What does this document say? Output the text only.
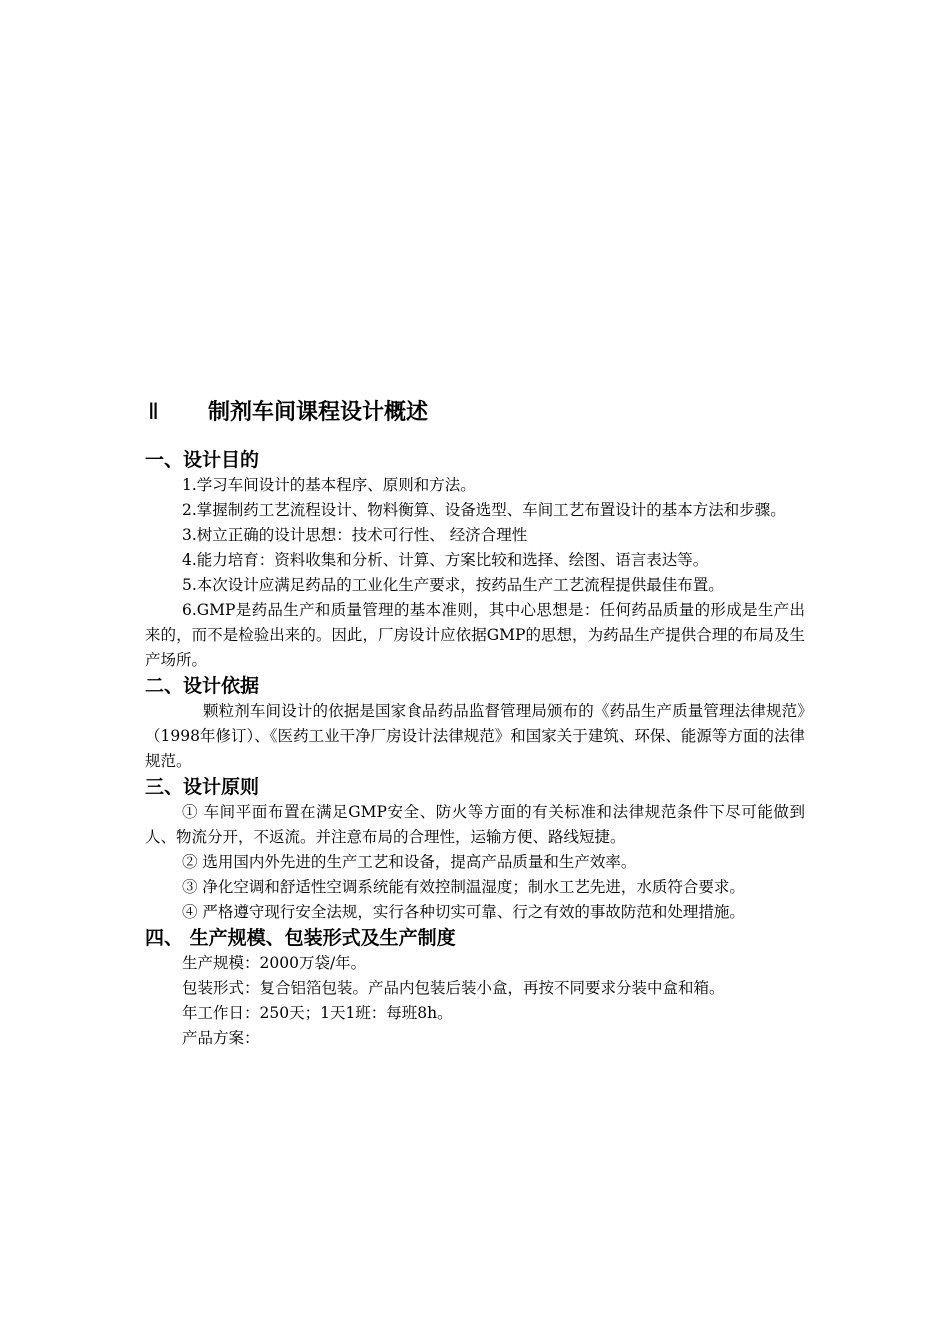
Ⅱ	制剂车间课程设计概述
一、设计目的

1.学习车间设计的基本程序、原则和方法。

2.掌握制药工艺流程设计、物料衡算、设备选型、车间工艺布置设计的基本方法和步骤。

3.树立正确的设计思想：技术可行性、 经济合理性

4.能力培育：资料收集和分析、计算、方案比较和选择、绘图、语言表达等。

5.本次设计应满足药品的工业化生产要求，按药品生产工艺流程提供最佳布置。

6.GMP是药品生产和质量管理的基本准则，其中心思想是：任何药品质量的形成是生产出来的，而不是检验出来的。因此，厂房设计应依据GMP的思想，为药品生产提供合理的布局及生产场所。

二、设计依据

颗粒剂车间设计的依据是国家食品药品监督管理局颁布的《药品生产质量管理法律规范》（1998年修订）、《医药工业干净厂房设计法律规范》和国家关于建筑、环保、能源等方面的法律规范。

三、设计原则

① 车间平面布置在满足GMP安全、防火等方面的有关标准和法律规范条件下尽可能做到人、物流分开，不返流。并注意布局的合理性，运输方便、路线短捷。

② 选用国内外先进的生产工艺和设备，提高产品质量和生产效率。

③ 净化空调和舒适性空调系统能有效控制温湿度；制水工艺先进，水质符合要求。

④ 严格遵守现行安全法规，实行各种切实可靠、行之有效的事故防范和处理措施。

四、 生产规模、包装形式及生产制度

生产规模：2000万袋/年。

包装形式：复合铝箔包装。产品内包装后装小盒，再按不同要求分装中盒和箱。

年工作日：250天；1天1班：每班8h。

产品方案：
